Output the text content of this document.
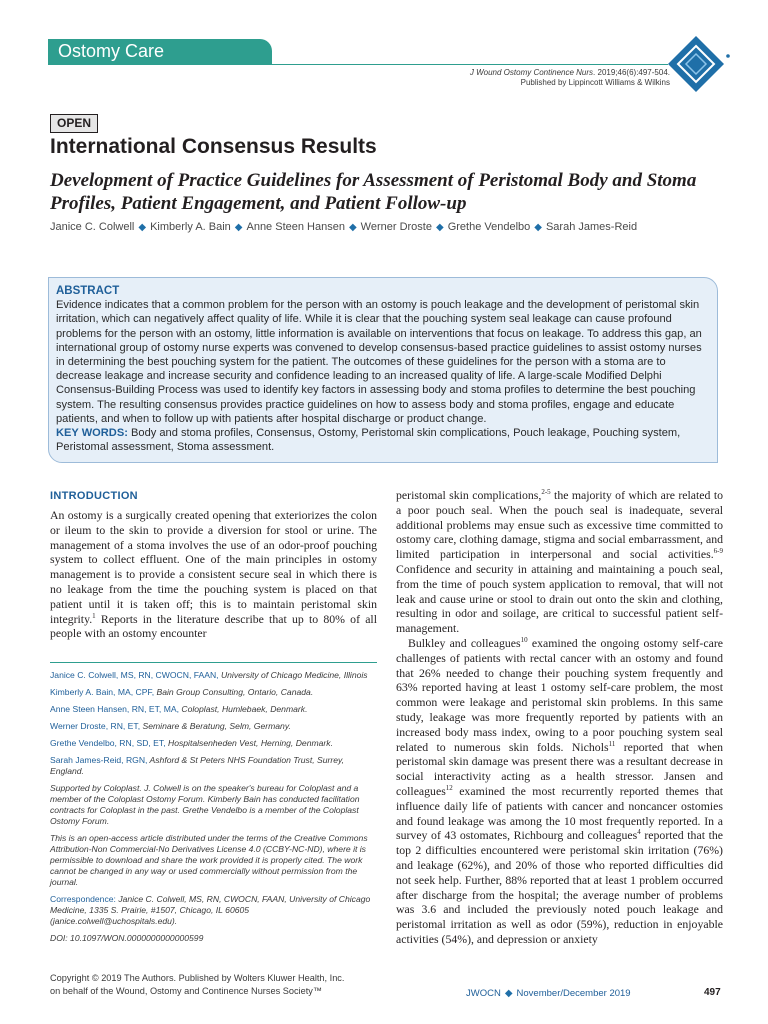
Ostomy Care
J Wound Ostomy Continence Nurs. 2019;46(6):497-504.
Published by Lippincott Williams & Wilkins
OPEN
International Consensus Results
Development of Practice Guidelines for Assessment of Peristomal Body and Stoma Profiles, Patient Engagement, and Patient Follow-up
Janice C. Colwell ◆ Kimberly A. Bain ◆ Anne Steen Hansen ◆ Werner Droste ◆ Grethe Vendelbo ◆ Sarah James-Reid
ABSTRACT
Evidence indicates that a common problem for the person with an ostomy is pouch leakage and the development of peristomal skin irritation, which can negatively affect quality of life. While it is clear that the pouching system seal leakage can cause profound problems for the person with an ostomy, little information is available on interventions that focus on leakage. To address this gap, an international group of ostomy nurse experts was convened to develop consensus-based practice guidelines to assist ostomy nurses in determining the best pouching system for the patient. The outcomes of these guidelines for the person with a stoma are to decrease leakage and increase security and confidence leading to an increased quality of life. A large-scale Modified Delphi Consensus-Building Process was used to identify key factors in assessing body and stoma profiles to determine the best pouching system. The resulting consensus provides practice guidelines on how to assess body and stoma profiles, engage and educate patients, and when to follow up with patients after hospital discharge or product change.
KEY WORDS: Body and stoma profiles, Consensus, Ostomy, Peristomal skin complications, Pouch leakage, Pouching system, Peristomal assessment, Stoma assessment.
INTRODUCTION
An ostomy is a surgically created opening that exteriorizes the colon or ileum to the skin to provide a diversion for stool or urine. The management of a stoma involves the use of an odor-proof pouching system to collect effluent. One of the main principles in ostomy management is to provide a consistent secure seal in which there is no leakage from the time the pouching system is placed on that patient until it is taken off; this is to maintain peristomal skin integrity.$^1$ Reports in the literature describe that up to 80% of all people with an ostomy encounter

Janice C. Colwell, MS, RN, CWOCN, FAAN, University of Chicago Medicine, Illinois

Kimberly A. Bain, MA, CPF, Bain Group Consulting, Ontario, Canada.

Anne Steen Hansen, RN, ET, MA, Coloplast, Humlebaek, Denmark.

Werner Droste, RN, ET, Seminare & Beratung, Selm, Germany.

Grethe Vendelbo, RN, SD, ET, Hospitalsenheden Vest, Herning, Denmark.

Sarah James-Reid, RGN, Ashford & St Peters NHS Foundation Trust, Surrey, England.

Supported by Coloplast. J. Colwell is on the speaker's bureau for Coloplast and a member of the Coloplast Ostomy Forum. Kimberly Bain has conducted facilitation contracts for Coloplast in the past. Grethe Vendelbo is a member of the Coloplast Ostomy Forum.

This is an open-access article distributed under the terms of the Creative Commons Attribution-Non Commercial-No Derivatives License 4.0 (CCBY-NC-ND), where it is permissible to download and share the work provided it is properly cited. The work cannot be changed in any way or used commercially without permission from the journal.

Correspondence: Janice C. Colwell, MS, RN, CWOCN, FAAN, University of Chicago Medicine, 1335 S. Prairie, #1507, Chicago, IL 60605 (janice.colwell@uchospitals.edu).

DOI: 10.1097/WON.0000000000000599

peristomal skin complications,$^{2-5}$ the majority of which are related to a poor pouch seal. When the pouch seal is inadequate, several additional problems may ensue such as excessive time committed to ostomy care, clothing damage, stigma and social embarrassment, and limited participation in interpersonal and social activities.$^{6-9}$ Confidence and security in attaining and maintaining a pouch seal, from the time of pouch system application to removal, that will not leak and cause urine or stool to drain out onto the skin and clothing, resulting in odor and soilage, are critical to successful patient self-management.
Bulkley and colleagues$^{10}$ examined the ongoing ostomy self-care challenges of patients with rectal cancer with an ostomy and found that 26% needed to change their pouching system frequently and 63% reported having at least 1 ostomy self-care problem, the most common were leakage and peristomal skin problems. In this same study, leakage was more frequently reported by patients with an increased body mass index, owing to a poor pouching system seal related to numerous skin folds. Nichols$^{11}$ reported that when peristomal skin damage was present there was a resultant decrease in social interactivity acting as a health stressor. Jansen and colleagues$^{12}$ examined the most recurrently reported themes that influence daily life of patients with cancer and noncancer ostomies and found leakage was among the 10 most frequently reported. In a survey of 43 ostomates, Richbourg and colleagues$^4$ reported that the top 2 difficulties encountered were peristomal skin irritation (76%) and leakage (62%), and 20% of those who reported difficulties did not seek help. Further, 88% reported that at least 1 problem occurred after discharge from the hospital; the average number of problems was 3.6 and included the previously noted pouch leakage and peristomal irritation as well as odor (59%), reduction in enjoyable activities (54%), and depression or anxiety
Copyright © 2019 The Authors. Published by Wolters Kluwer Health, Inc.
on behalf of the Wound, Ostomy and Continence Nurses Society™	JWOCN ◆ November/December 2019	497
